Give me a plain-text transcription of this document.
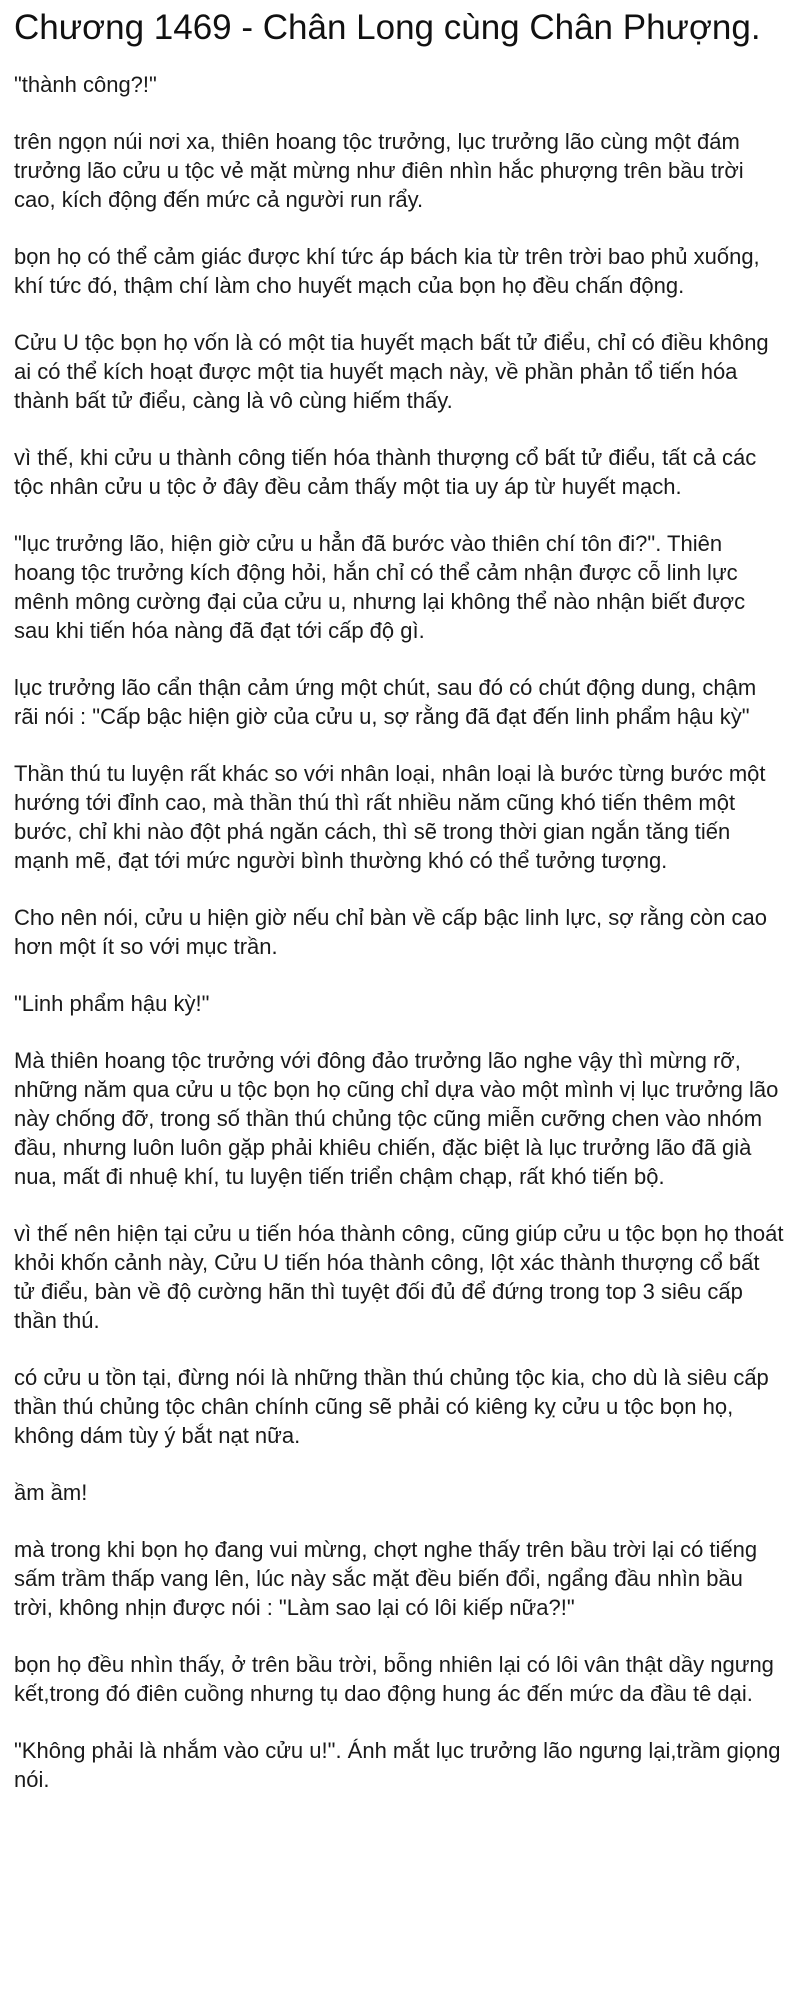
Chương 1469 - Chân Long cùng Chân Phượng.

"thành công?!"

trên ngọn núi nơi xa, thiên hoang tộc trưởng, lục trưởng lão cùng một đám trưởng lão cửu u tộc vẻ mặt mừng như điên nhìn hắc phượng trên bầu trời cao, kích động đến mức cả người run rẩy.

bọn họ có thể cảm giác được khí tức áp bách kia từ trên trời bao phủ xuống, khí tức đó, thậm chí làm cho huyết mạch của bọn họ đều chấn động.

Cửu U tộc bọn họ vốn là có một tia huyết mạch bất tử điểu, chỉ có điều không ai có thể kích hoạt được một tia huyết mạch này, về phần phản tổ tiến hóa thành bất tử điểu, càng là vô cùng hiếm thấy.

vì thế, khi cửu u thành công tiến hóa thành thượng cổ bất tử điểu, tất cả các tộc nhân cửu u tộc ở đây đều cảm thấy một tia uy áp từ huyết mạch.

"lục trưởng lão, hiện giờ cửu u hẳn đã bước vào thiên chí tôn đi?". Thiên hoang tộc trưởng kích động hỏi, hắn chỉ có thể cảm nhận được cỗ linh lực mênh mông cường đại của cửu u, nhưng lại không thể nào nhận biết được sau khi tiến hóa nàng đã đạt tới cấp độ gì.

lục trưởng lão cẩn thận cảm ứng một chút, sau đó có chút động dung, chậm rãi nói : "Cấp bậc hiện giờ của cửu u, sợ rằng đã đạt đến linh phẩm hậu kỳ"

Thần thú tu luyện rất khác so với nhân loại, nhân loại là bước từng bước một hướng tới đỉnh cao, mà thần thú thì rất nhiều năm cũng khó tiến thêm một bước, chỉ khi nào đột phá ngăn cách, thì sẽ trong thời gian ngắn tăng tiến mạnh mẽ, đạt tới mức người bình thường khó có thể tưởng tượng.

Cho nên nói, cửu u hiện giờ nếu chỉ bàn về cấp bậc linh lực, sợ rằng còn cao hơn một ít so với mục trần.

"Linh phẩm hậu kỳ!"

Mà thiên hoang tộc trưởng với đông đảo trưởng lão nghe vậy thì mừng rỡ, những năm qua cửu u tộc bọn họ cũng chỉ dựa vào một mình vị lục trưởng lão này chống đỡ, trong số thần thú chủng tộc cũng miễn cưỡng chen vào nhóm đầu, nhưng luôn luôn gặp phải khiêu chiến, đặc biệt là lục trưởng lão đã già nua, mất đi nhuệ khí, tu luyện tiến triển chậm chạp, rất khó tiến bộ.

vì thế nên hiện tại cửu u tiến hóa thành công, cũng giúp cửu u tộc bọn họ thoát khỏi khốn cảnh này, Cửu U tiến hóa thành công, lột xác thành thượng cổ bất tử điểu, bàn về độ cường hãn thì tuyệt đối đủ để đứng trong top 3 siêu cấp thần thú.

có cửu u tồn tại, đừng nói là những thần thú chủng tộc kia, cho dù là siêu cấp thần thú chủng tộc chân chính cũng sẽ phải có kiêng kỵ cửu u tộc bọn họ, không dám tùy ý bắt nạt nữa.

ầm ầm!

mà trong khi bọn họ đang vui mừng, chợt nghe thấy trên bầu trời lại có tiếng sấm trầm thấp vang lên, lúc này sắc mặt đều biến đổi, ngẩng đầu nhìn bầu trời, không nhịn được nói : "Làm sao lại có lôi kiếp nữa?!"

bọn họ đều nhìn thấy, ở trên bầu trời, bỗng nhiên lại có lôi vân thật dầy ngưng kết,trong đó điên cuồng nhưng tụ dao động hung ác đến mức da đầu tê dại.

"Không phải là nhắm vào cửu u!". Ánh mắt lục trưởng lão ngưng lại,trầm giọng nói.
